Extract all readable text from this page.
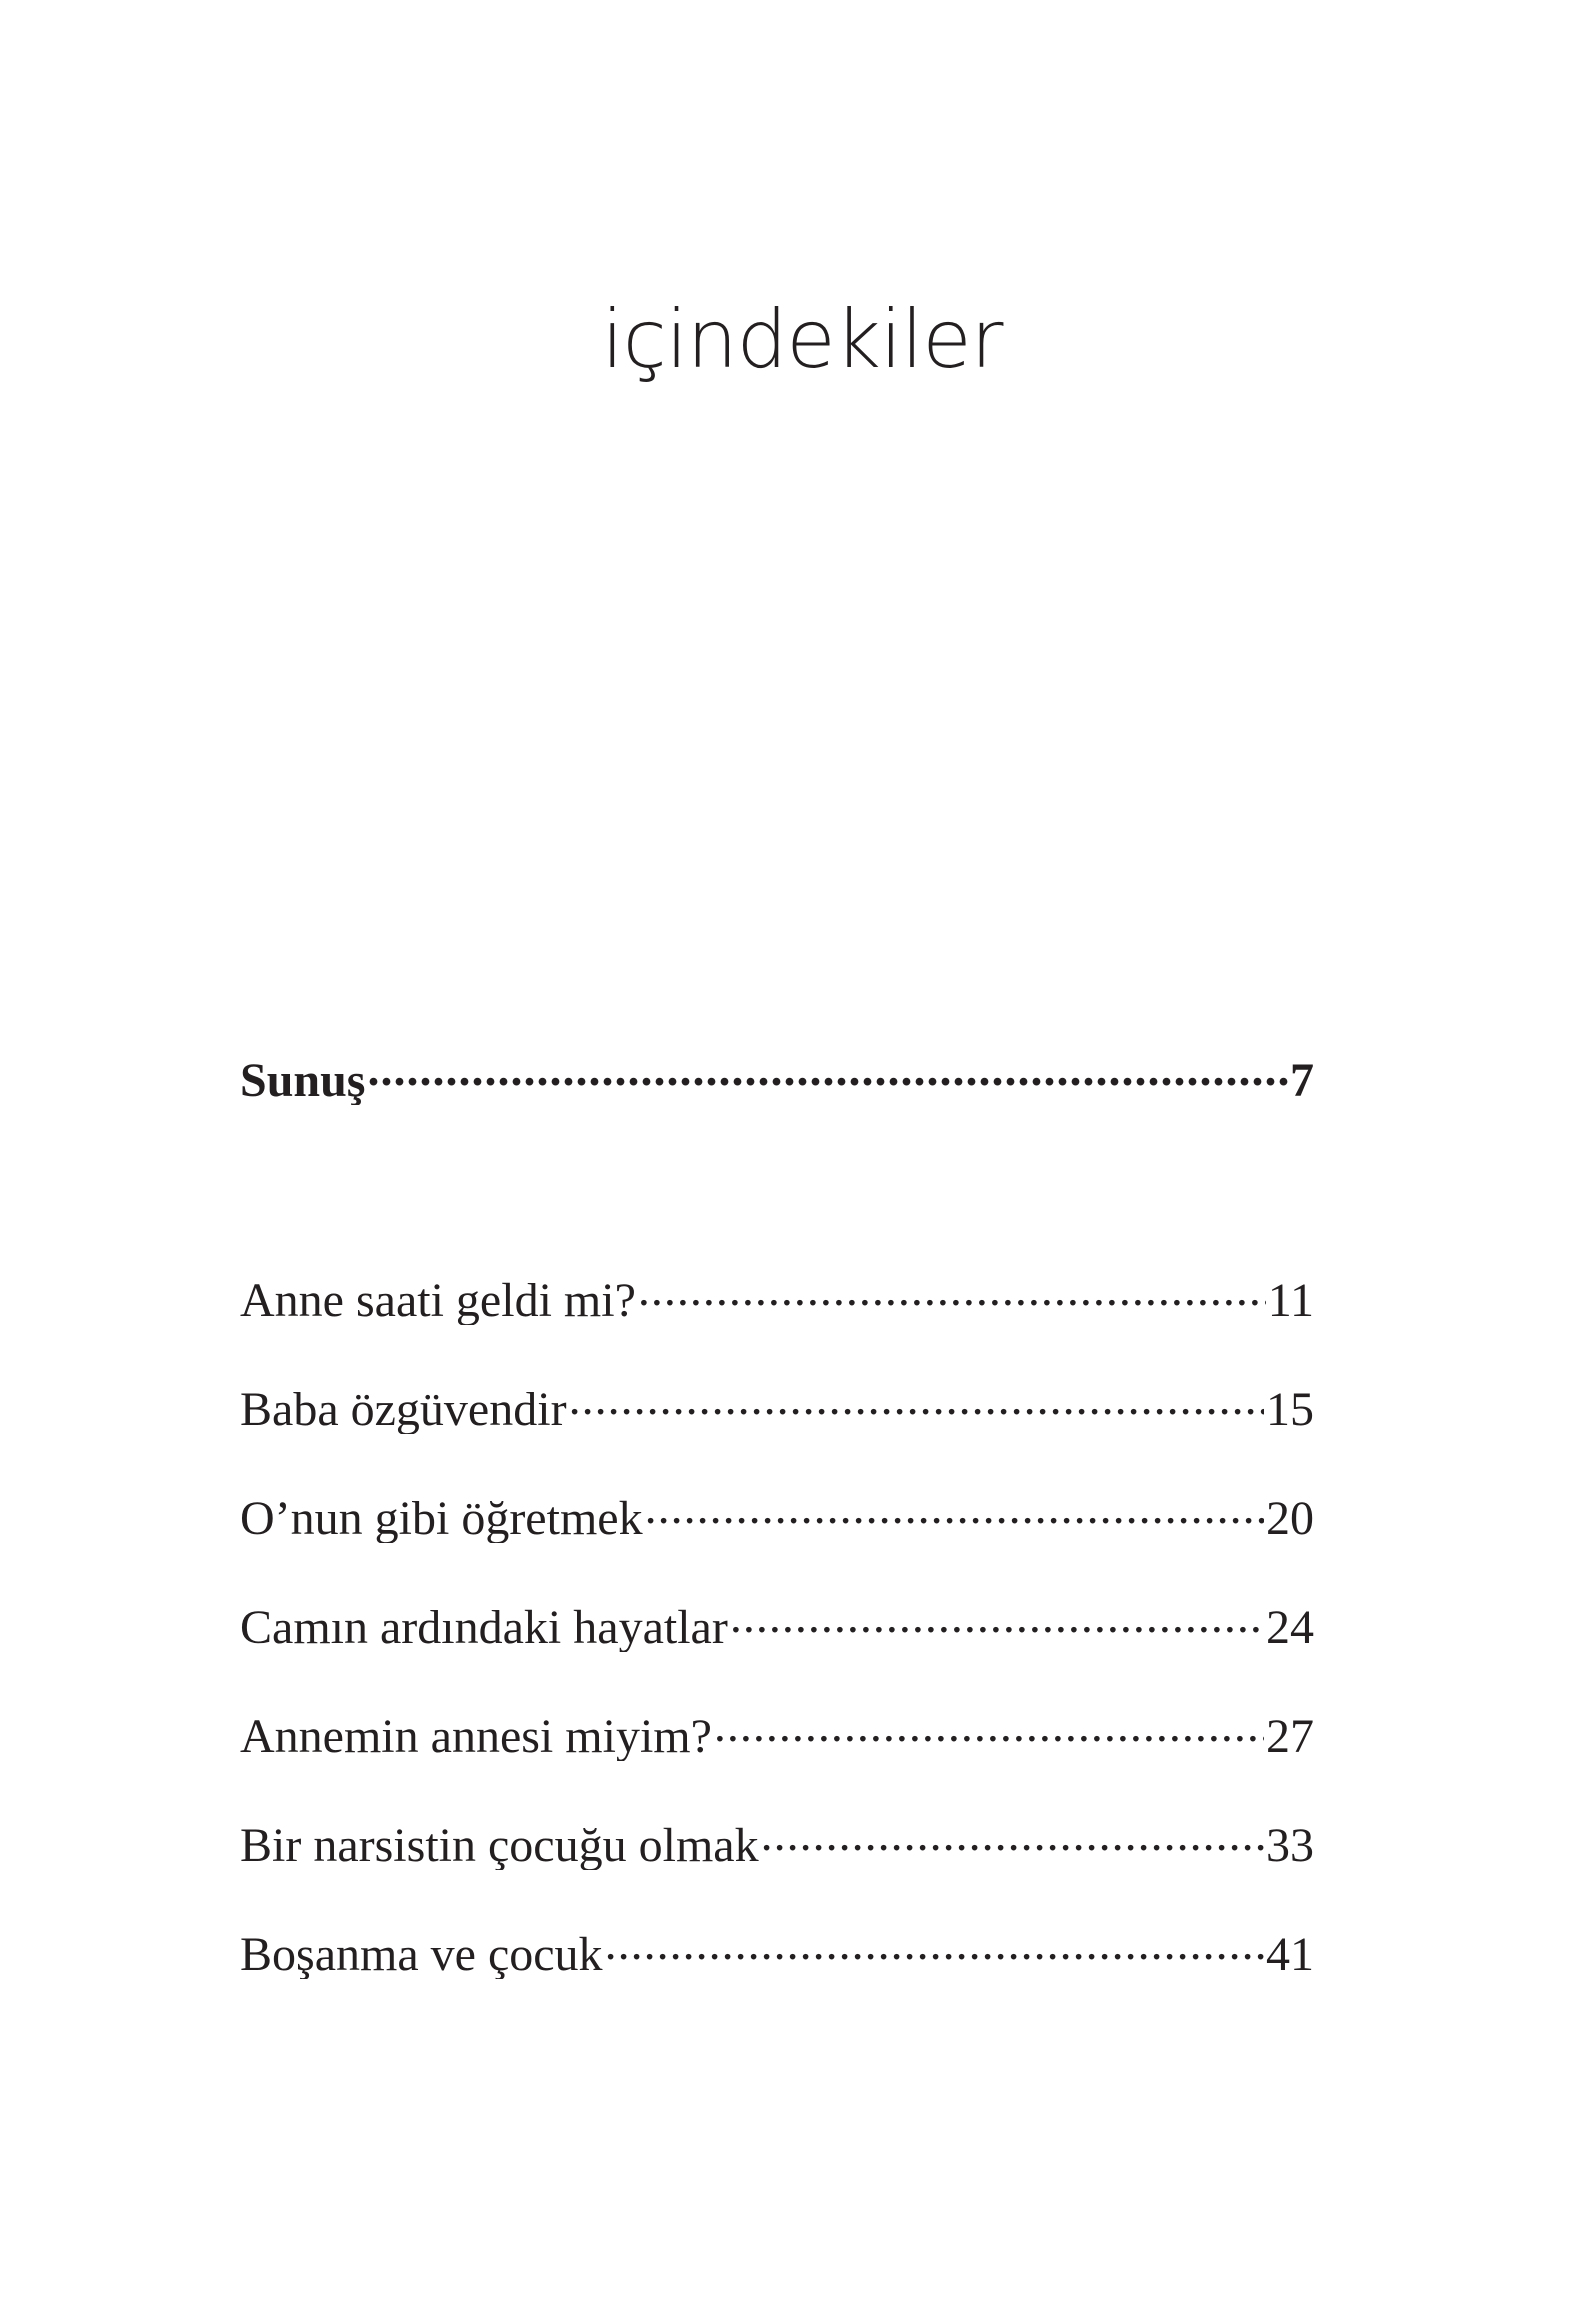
içindekiler
Sunuş .....	7
Anne saati geldi mi? .....	11
Baba özgüvendir .....	15
O’nun gibi öğretmek .....	20
Camın ardındaki hayatlar .....	24
Annemin annesi miyim? .....	27
Bir narsistin çocuğu olmak .....	33
Boşanma ve çocuk .....	41
